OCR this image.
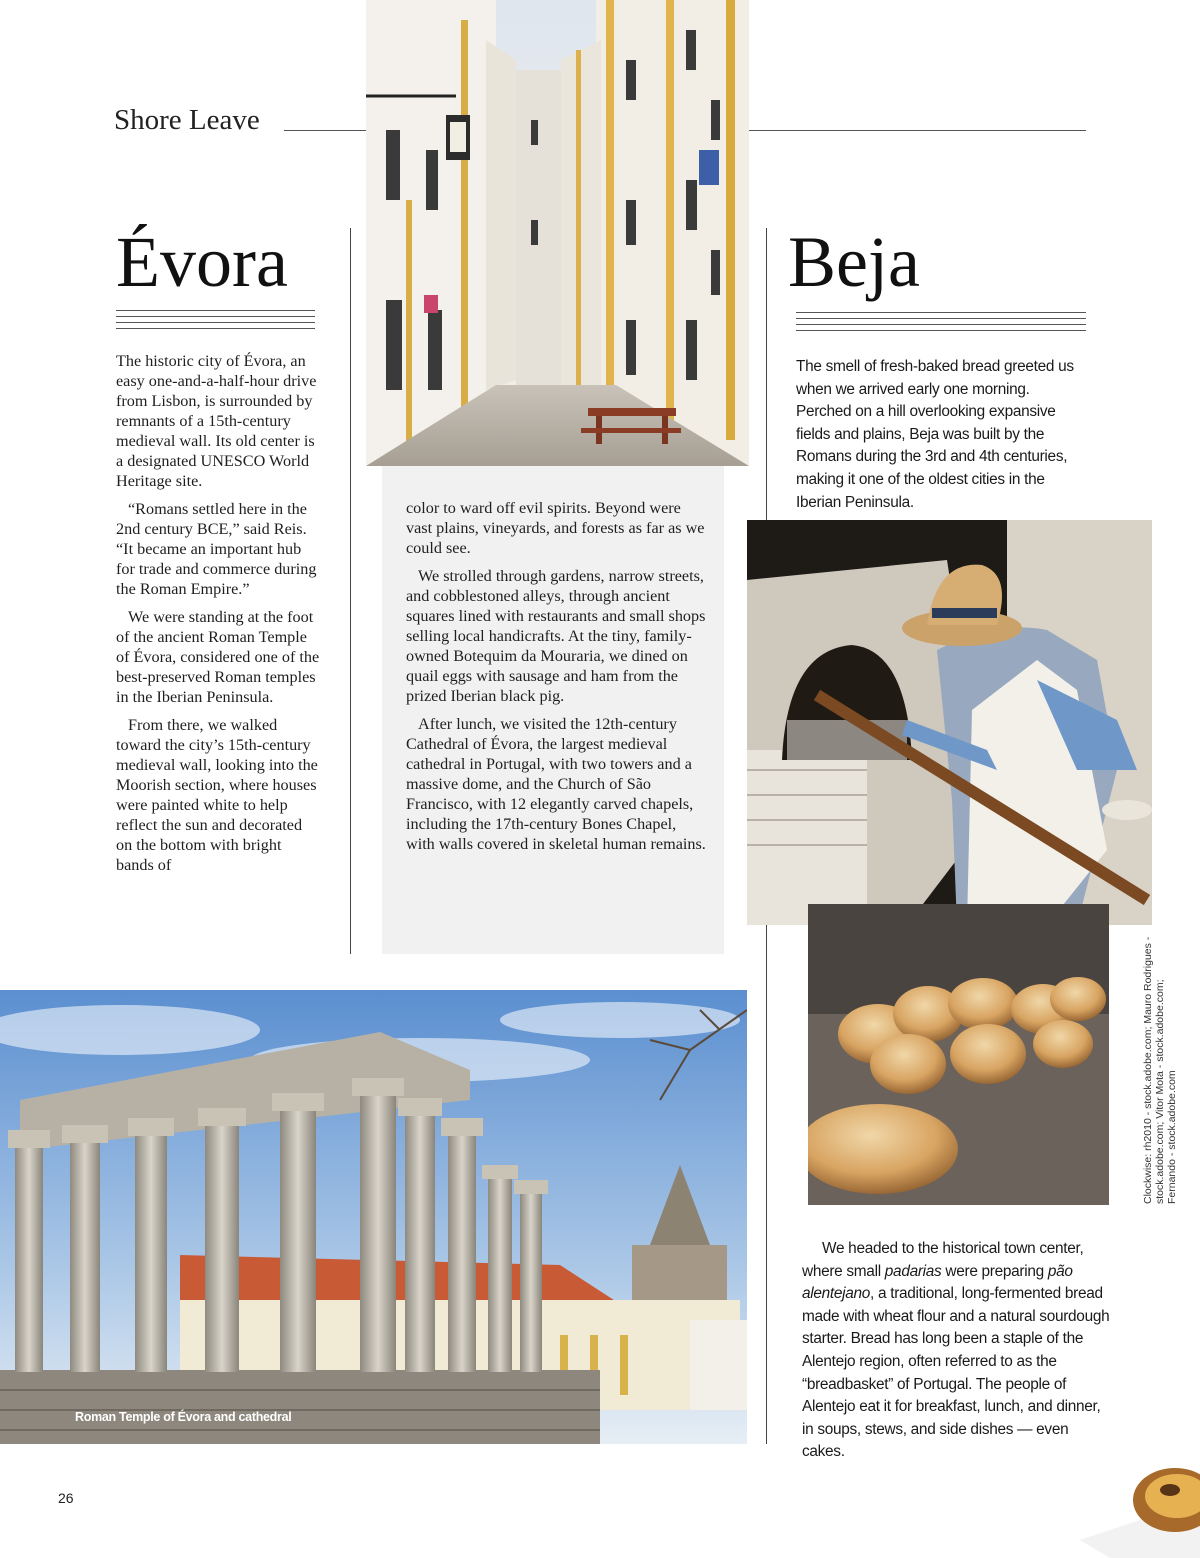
Shore Leave
Évora

The historic city of Évora, an easy one-and-a-half-hour drive from Lisbon, is surrounded by remnants of a 15th-century medieval wall. Its old center is a designated UNESCO World Heritage site.

“Romans settled here in the 2nd century BCE,” said Reis. “It became an important hub for trade and commerce during the Roman Empire.”

We were standing at the foot of the ancient Roman Temple of Évora, considered one of the best-preserved Roman temples in the Iberian Peninsula.

From there, we walked toward the city’s 15th-century medieval wall, looking into the Moorish section, where houses were painted white to help reflect the sun and decorated on the bottom with bright bands of

color to ward off evil spirits. Beyond were vast plains, vineyards, and forests as far as we could see.

We strolled through gardens, narrow streets, and cobblestoned alleys, through ancient squares lined with restaurants and small shops selling local handicrafts. At the tiny, family-owned Botequim da Mouraria, we dined on quail eggs with sausage and ham from the prized Iberian black pig.

After lunch, we visited the 12th-century Cathedral of Évora, the largest medieval cathedral in Portugal, with two towers and a massive dome, and the Church of São Francisco, with 12 elegantly carved chapels, including the 17th-century Bones Chapel, with walls covered in skeletal human remains.

Beja

The smell of fresh-baked bread greeted us when we arrived early one morning. Perched on a hill overlooking expansive fields and plains, Beja was built by the Romans during the 3rd and 4th centuries, making it one of the oldest cities in the Iberian Peninsula.

Clockwise: rh2010 - stock.adobe.com; Mauro Rodrigues - stock.adobe.com; Vitor Mota - stock.adobe.com; Fernando - stock.adobe.com

We headed to the historical town center, where small padarias were preparing pão alentejano, a traditional, long-fermented bread made with wheat flour and a natural sourdough starter. Bread has long been a staple of the Alentejo region, often referred to as the “breadbasket” of Portugal. The people of Alentejo eat it for breakfast, lunch, and dinner, in soups, stews, and side dishes — even cakes.

Roman Temple of Évora and cathedral
26
